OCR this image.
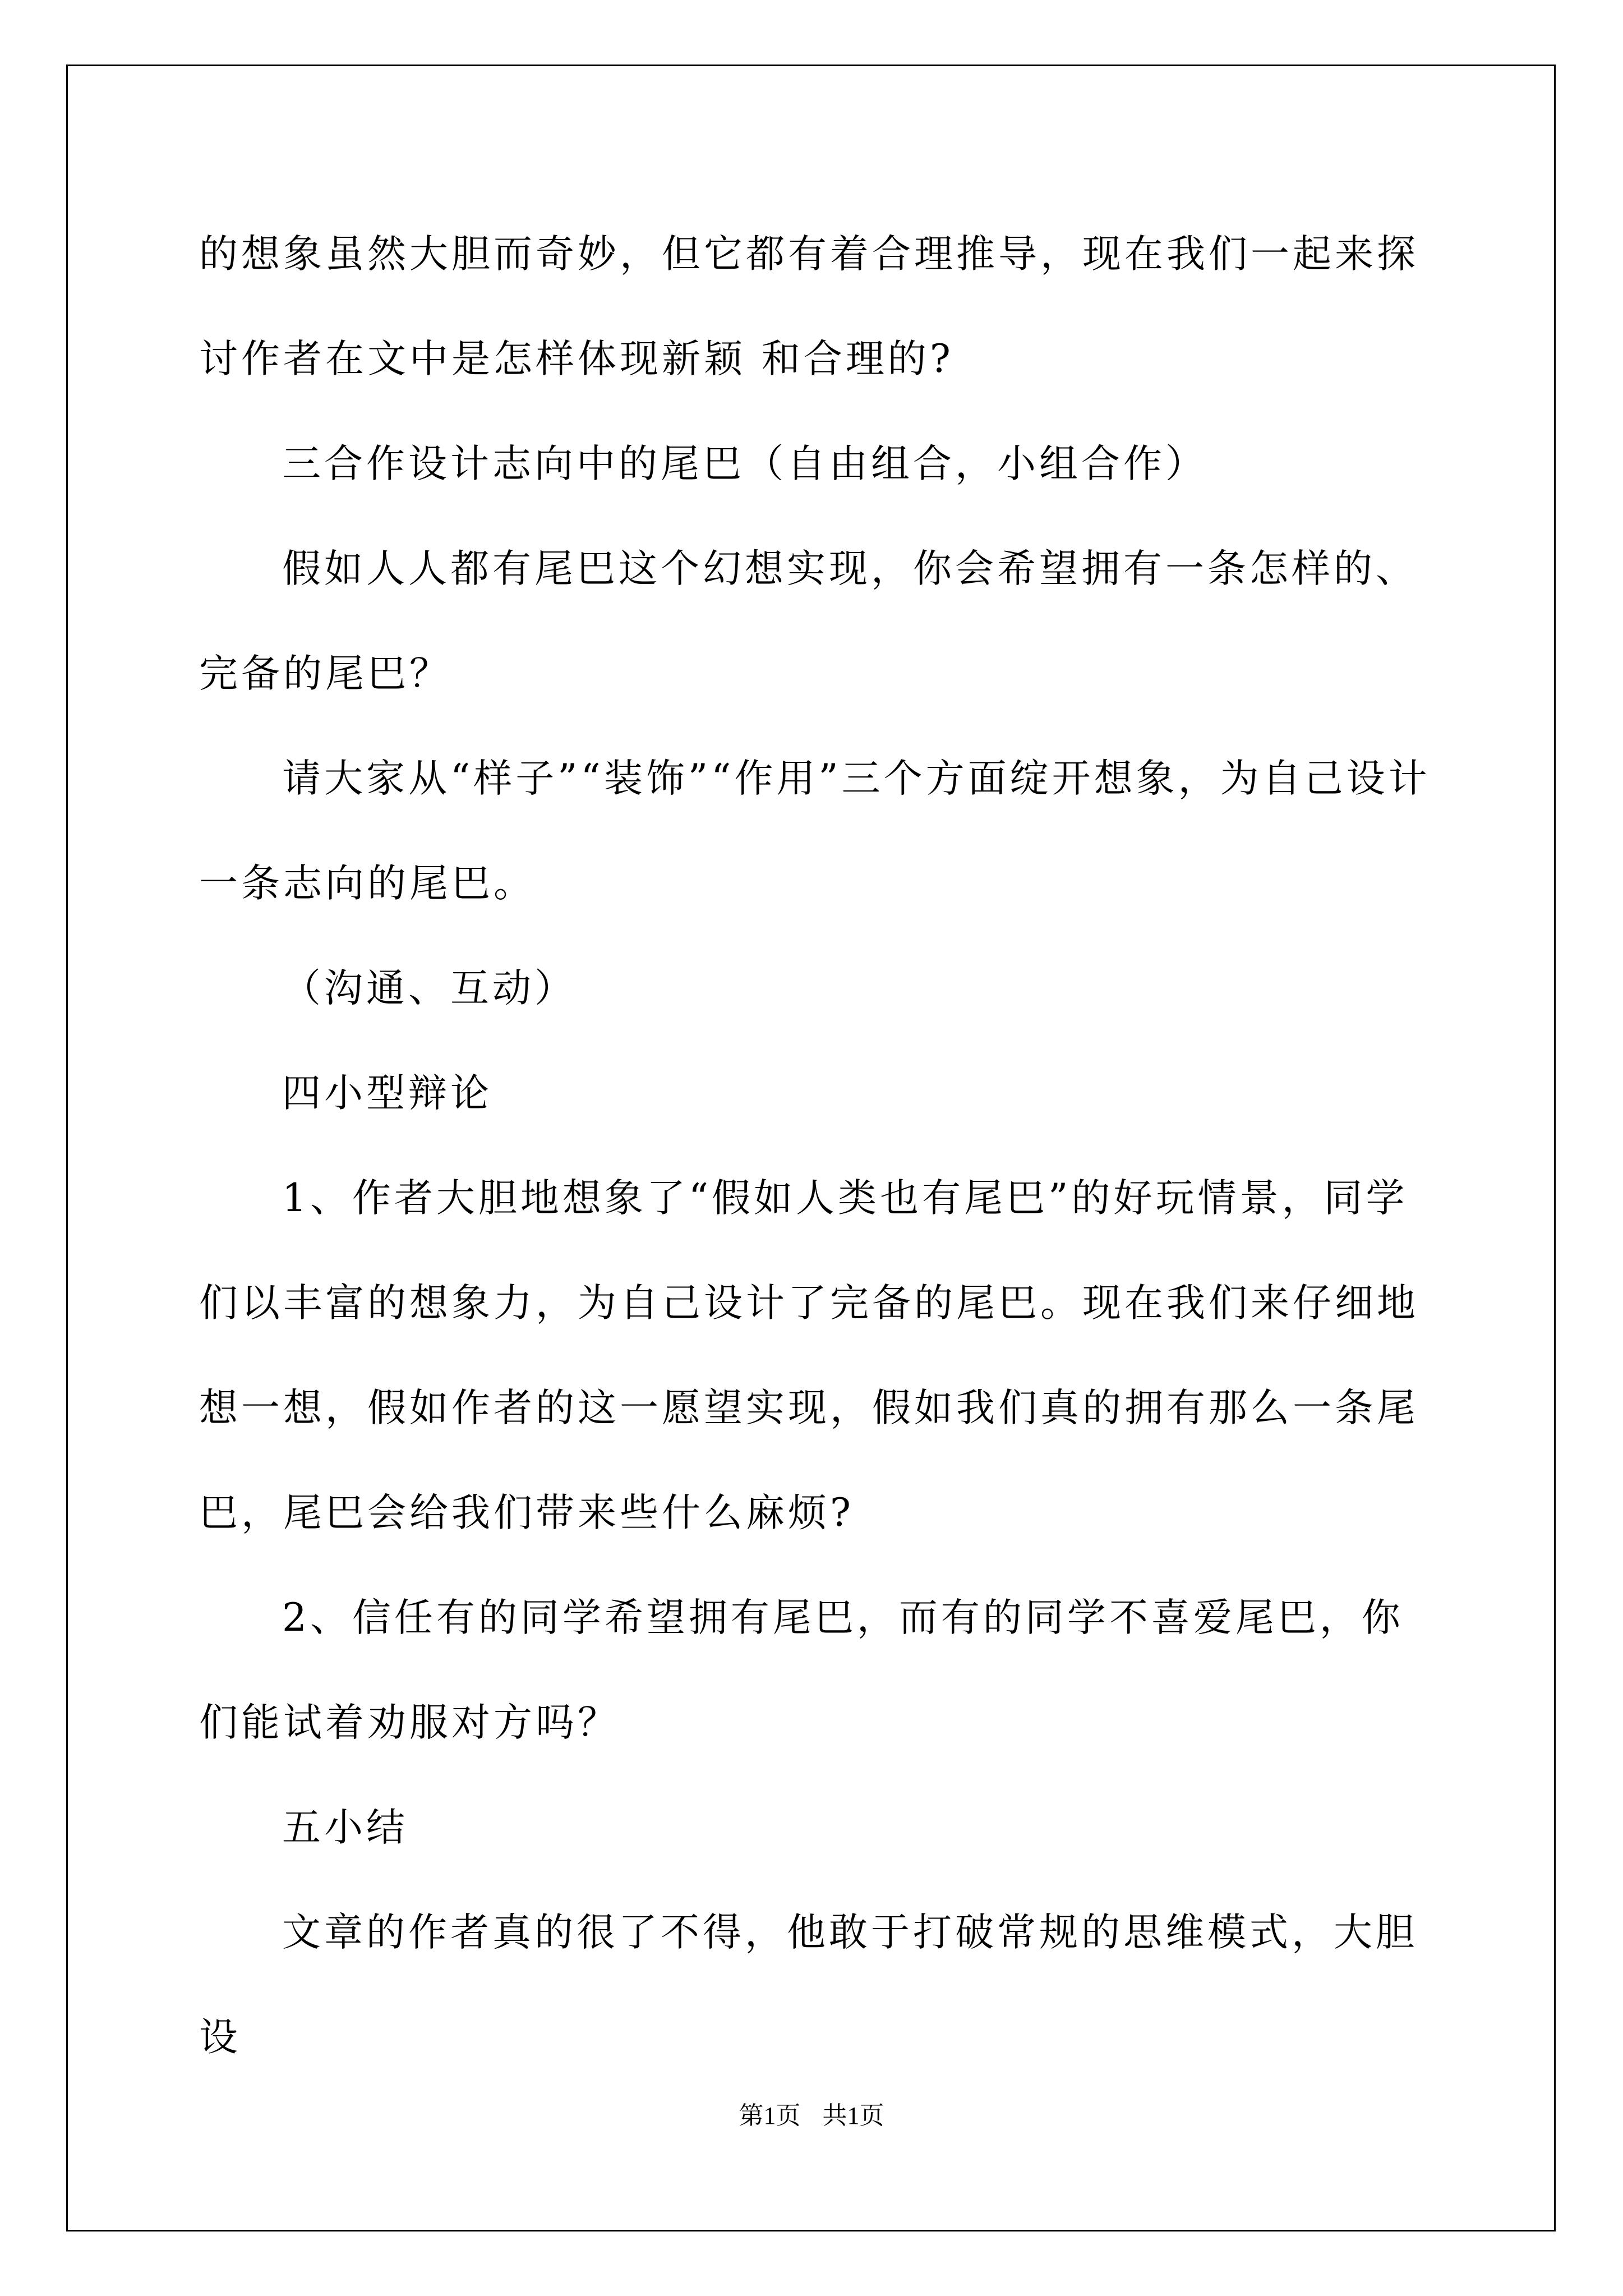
的想象虽然大胆而奇妙，但它都有着合理推导，现在我们一起来探讨作者在文中是怎样体现新颖 和合理的?

三合作设计志向中的尾巴（自由组合，小组合作）

假如人人都有尾巴这个幻想实现，你会希望拥有一条怎样的、完备的尾巴？

请大家从“样子”“装饰”“作用”三个方面绽开想象，为自己设计一条志向的尾巴。

（沟通、互动）

四小型辩论

1、作者大胆地想象了“假如人类也有尾巴”的好玩情景，同学们以丰富的想象力，为自己设计了完备的尾巴。现在我们来仔细地想一想，假如作者的这一愿望实现，假如我们真的拥有那么一条尾巴，尾巴会给我们带来些什么麻烦?

2、信任有的同学希望拥有尾巴，而有的同学不喜爱尾巴，你们能试着劝服对方吗？

五小结

文章的作者真的很了不得，他敢于打破常规的思维模式，大胆设

第1页 共1页
